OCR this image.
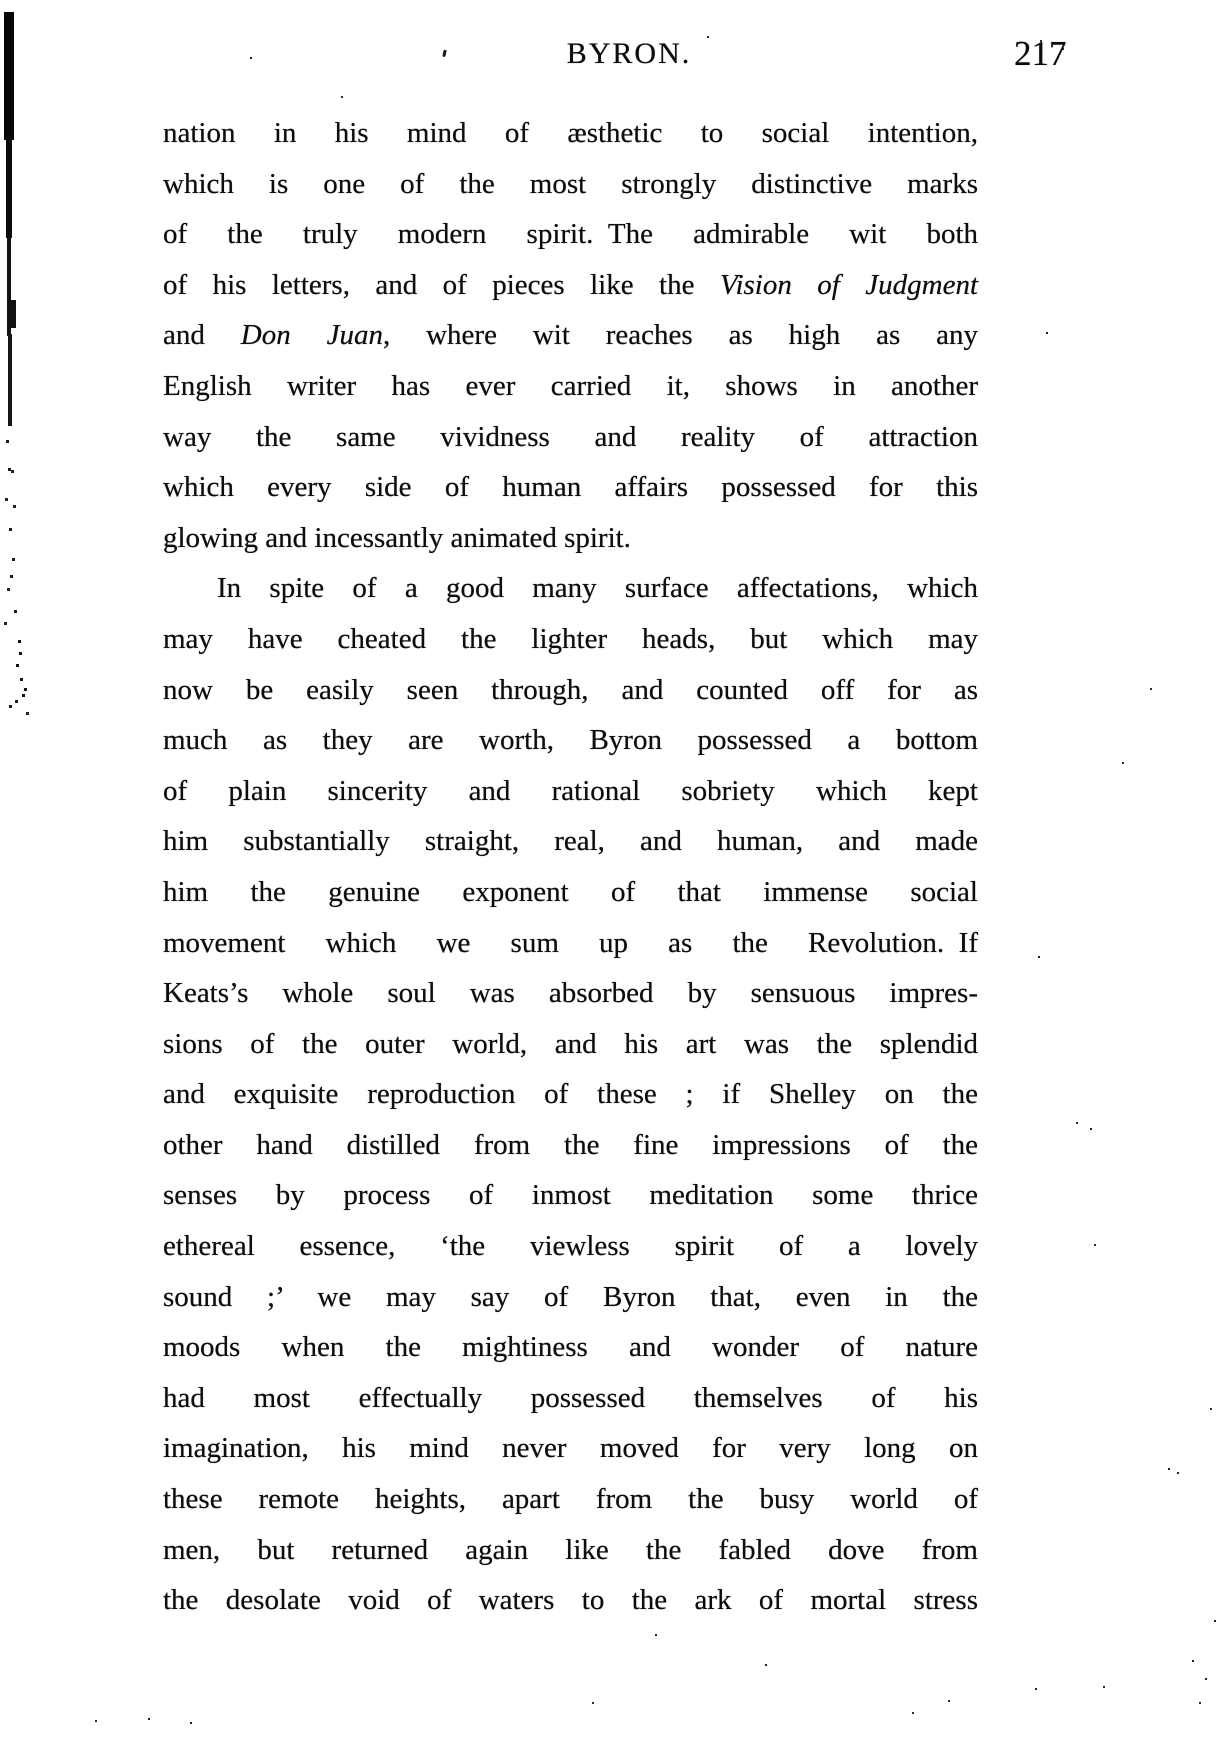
BYRON.	217
nation in his mind of æsthetic to social intention,
which is one of the most strongly distinctive marks
of the truly modern spirit. The admirable wit both
of his letters, and of pieces like the Vision of Judgment
and Don Juan, where wit reaches as high as any
English writer has ever carried it, shows in another
way the same vividness and reality of attraction
which every side of human affairs possessed for this
glowing and incessantly animated spirit.
In spite of a good many surface affectations, which
may have cheated the lighter heads, but which may
now be easily seen through, and counted off for as
much as they are worth, Byron possessed a bottom
of plain sincerity and rational sobriety which kept
him substantially straight, real, and human, and made
him the genuine exponent of that immense social
movement which we sum up as the Revolution. If
Keats’s whole soul was absorbed by sensuous impres-
sions of the outer world, and his art was the splendid
and exquisite reproduction of these ; if Shelley on the
other hand distilled from the fine impressions of the
senses by process of inmost meditation some thrice
ethereal essence, ‘the viewless spirit of a lovely
sound ;’ we may say of Byron that, even in the
moods when the mightiness and wonder of nature
had most effectually possessed themselves of his
imagination, his mind never moved for very long on
these remote heights, apart from the busy world of
men, but returned again like the fabled dove from
the desolate void of waters to the ark of mortal stress
